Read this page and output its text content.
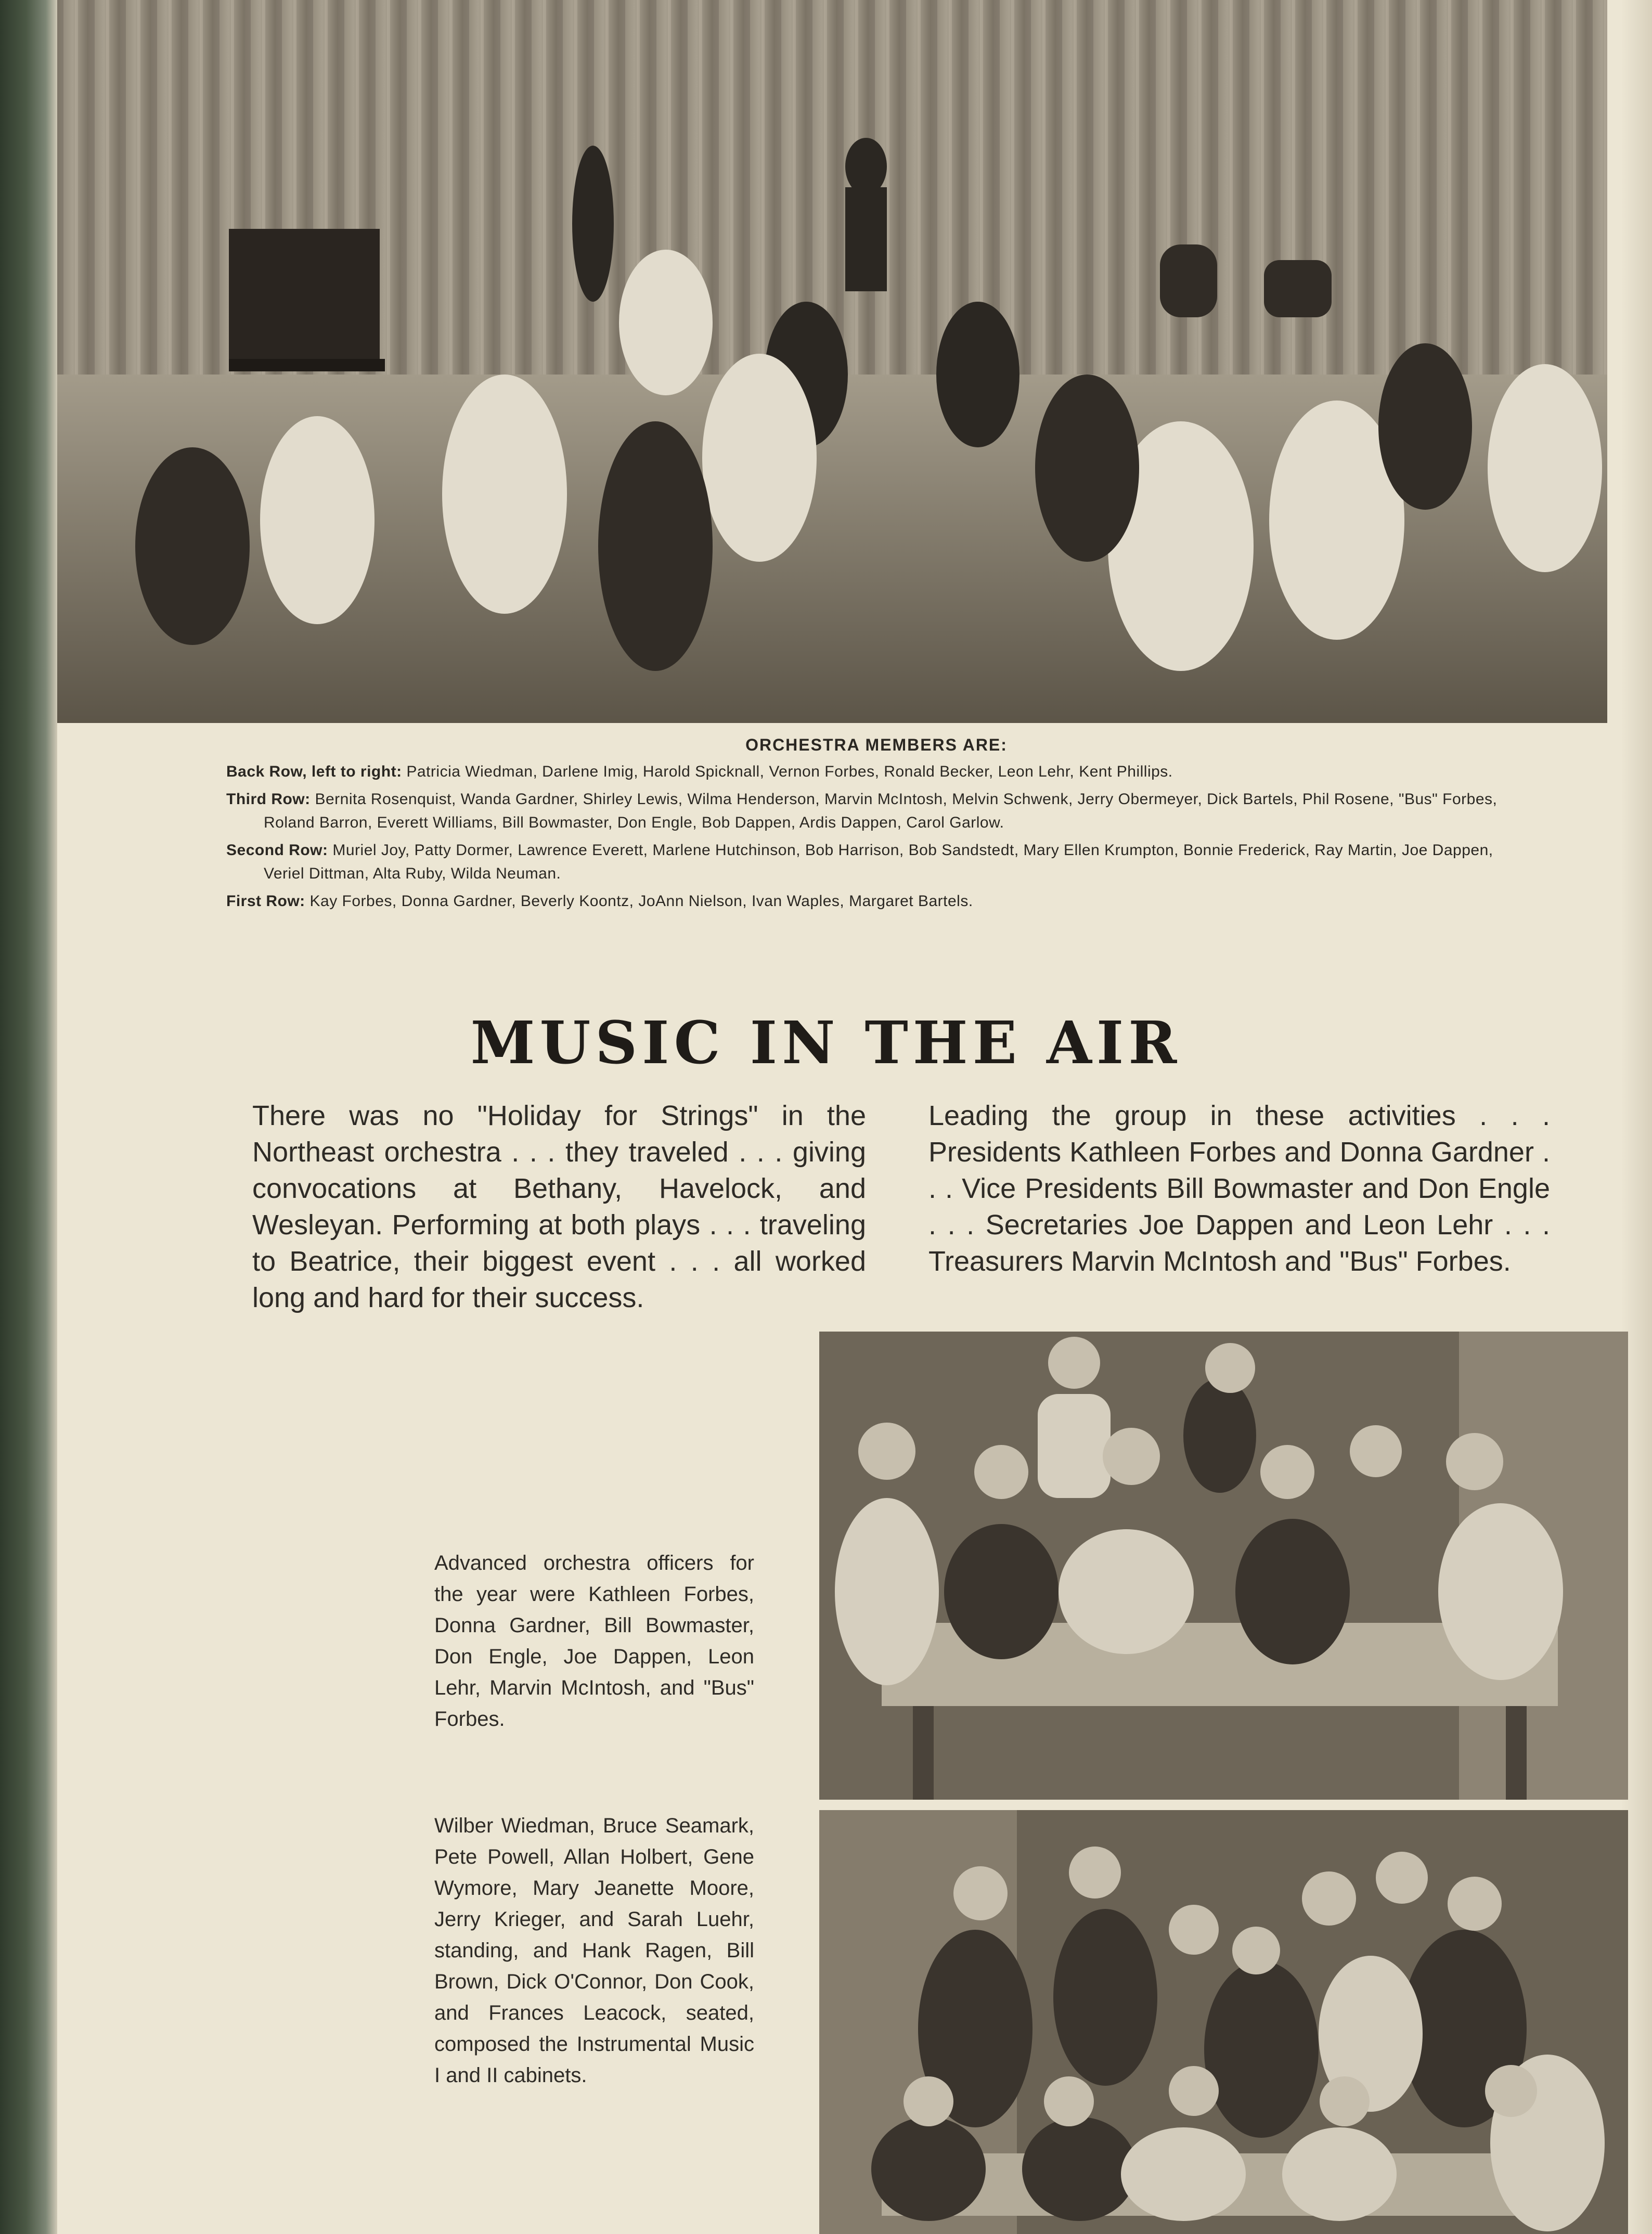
ORCHESTRA MEMBERS ARE:

Back Row, left to right: Patricia Wiedman, Darlene Imig, Harold Spicknall, Vernon Forbes, Ronald Becker, Leon Lehr, Kent Phillips.

Third Row: Bernita Rosenquist, Wanda Gardner, Shirley Lewis, Wilma Henderson, Marvin McIntosh, Melvin Schwenk, Jerry Obermeyer, Dick Bartels, Phil Rosene, "Bus" Forbes, Roland Barron, Everett Williams, Bill Bowmaster, Don Engle, Bob Dappen, Ardis Dappen, Carol Garlow.

Second Row: Muriel Joy, Patty Dormer, Lawrence Everett, Marlene Hutchinson, Bob Harrison, Bob Sandstedt, Mary Ellen Krumpton, Bonnie Frederick, Ray Martin, Joe Dappen, Veriel Dittman, Alta Ruby, Wilda Neuman.

First Row: Kay Forbes, Donna Gardner, Beverly Koontz, JoAnn Nielson, Ivan Waples, Margaret Bartels.

MUSIC IN THE AIR

There was no "Holiday for Strings" in the Northeast orchestra . . . they traveled . . . giving convocations at Bethany, Havelock, and Wesleyan. Performing at both plays . . . traveling to Beatrice, their biggest event . . . all worked long and hard for their success.

Leading the group in these activities . . . Presidents Kathleen Forbes and Donna Gardner . . . Vice Presidents Bill Bowmaster and Don Engle . . . Secretaries Joe Dappen and Leon Lehr . . . Treasurers Marvin McIntosh and "Bus" Forbes.

Advanced orchestra officers for the year were Kathleen Forbes, Donna Gardner, Bill Bowmaster, Don Engle, Joe Dappen, Leon Lehr, Marvin McIntosh, and "Bus" Forbes.

Wilber Wiedman, Bruce Seamark, Pete Powell, Allan Holbert, Gene Wymore, Mary Jeanette Moore, Jerry Krieger, and Sarah Luehr, standing, and Hank Ragen, Bill Brown, Dick O'Connor, Don Cook, and Frances Leacock, seated, composed the Instrumental Music I and II cabinets.
